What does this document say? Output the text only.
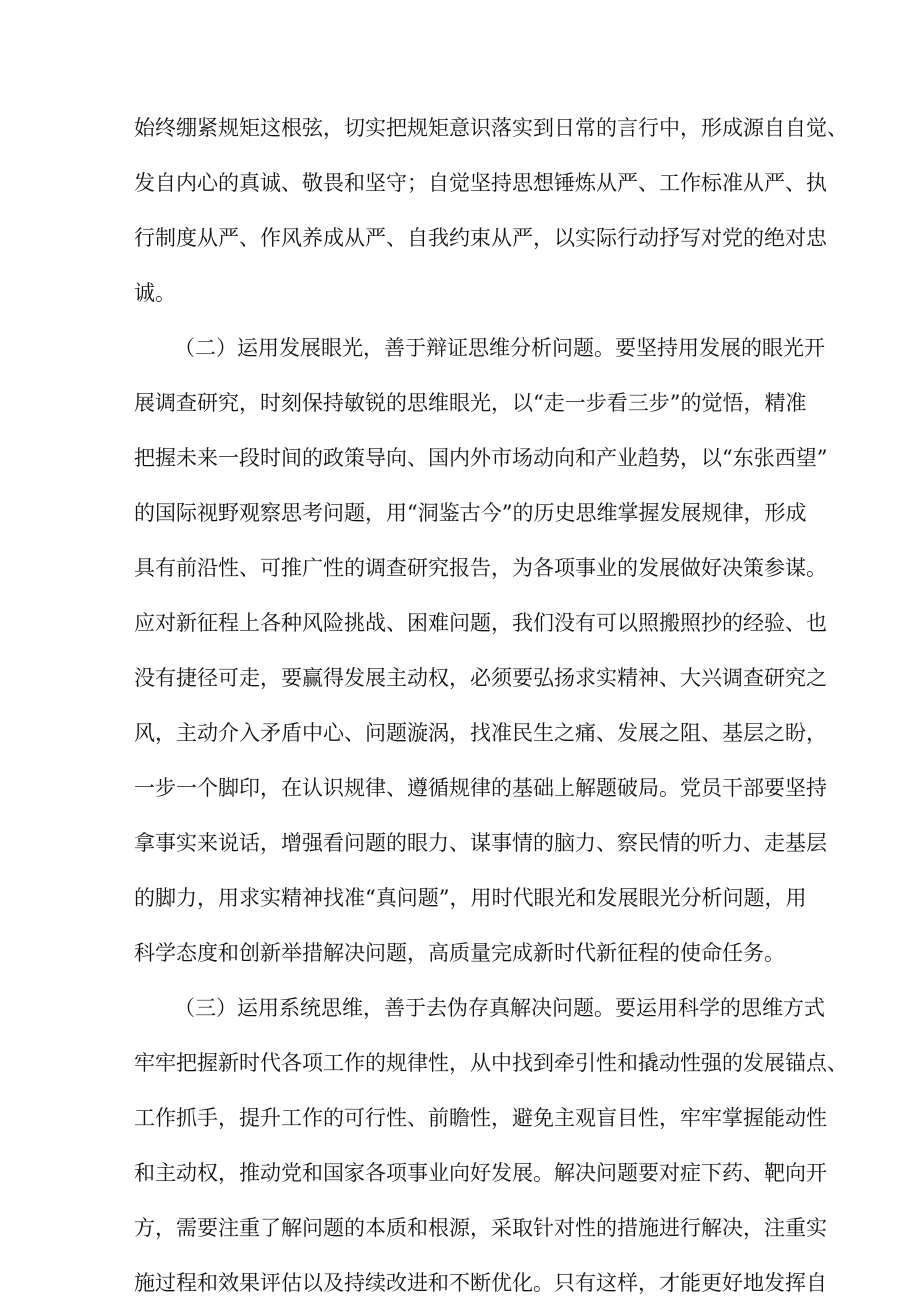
始终绷紧规矩这根弦，切实把规矩意识落实到日常的言行中，形成源自自觉、

发自内心的真诚、敬畏和坚守；自觉坚持思想锤炼从严、工作标准从严、执

行制度从严、作风养成从严、自我约束从严，以实际行动抒写对党的绝对忠

诚。

（二）运用发展眼光，善于辩证思维分析问题。要坚持用发展的眼光开

展调查研究，时刻保持敏锐的思维眼光，以“走一步看三步”的觉悟，精准

把握未来一段时间的政策导向、国内外市场动向和产业趋势，以“东张西望”

的国际视野观察思考问题，用“洞鉴古今”的历史思维掌握发展规律，形成

具有前沿性、可推广性的调查研究报告，为各项事业的发展做好决策参谋。

应对新征程上各种风险挑战、困难问题，我们没有可以照搬照抄的经验、也

没有捷径可走，要赢得发展主动权，必须要弘扬求实精神、大兴调查研究之

风，主动介入矛盾中心、问题漩涡，找准民生之痛、发展之阻、基层之盼，

一步一个脚印，在认识规律、遵循规律的基础上解题破局。党员干部要坚持

拿事实来说话，增强看问题的眼力、谋事情的脑力、察民情的听力、走基层

的脚力，用求实精神找准“真问题”，用时代眼光和发展眼光分析问题，用

科学态度和创新举措解决问题，高质量完成新时代新征程的使命任务。

（三）运用系统思维，善于去伪存真解决问题。要运用科学的思维方式

牢牢把握新时代各项工作的规律性，从中找到牵引性和撬动性强的发展锚点、

工作抓手，提升工作的可行性、前瞻性，避免主观盲目性，牢牢掌握能动性

和主动权，推动党和国家各项事业向好发展。解决问题要对症下药、靶向开

方，需要注重了解问题的本质和根源，采取针对性的措施进行解决，注重实

施过程和效果评估以及持续改进和不断优化。只有这样，才能更好地发挥自
